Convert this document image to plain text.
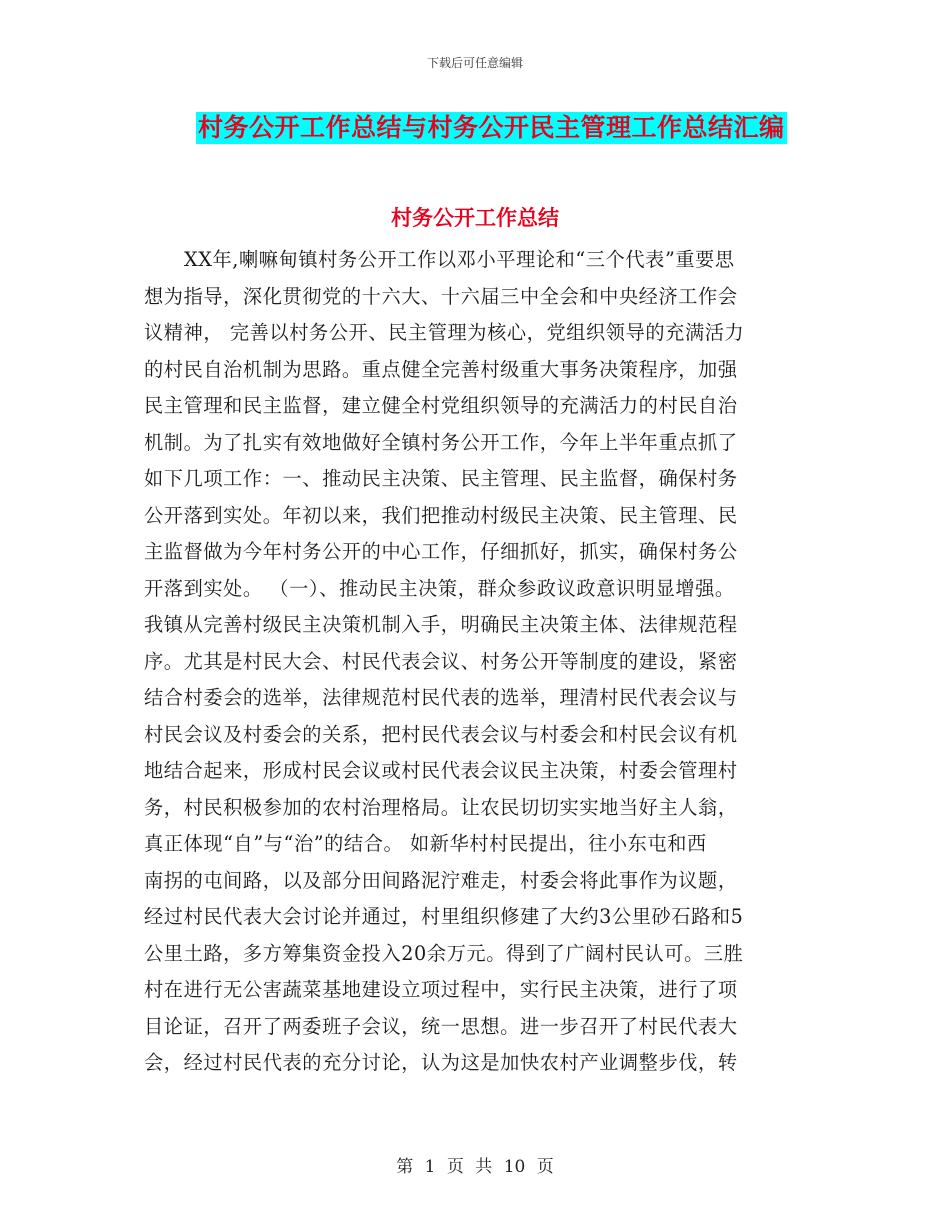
下载后可任意编辑
村务公开工作总结与村务公开民主管理工作总结汇编
村务公开工作总结
XX年,喇嘛甸镇村务公开工作以邓小平理论和“三个代表”重要思
想为指导，深化贯彻党的十六大、十六届三中全会和中央经济工作会
议精神， 完善以村务公开、民主管理为核心，党组织领导的充满活力
的村民自治机制为思路。重点健全完善村级重大事务决策程序，加强
民主管理和民主监督，建立健全村党组织领导的充满活力的村民自治
机制。为了扎实有效地做好全镇村务公开工作，今年上半年重点抓了
如下几项工作：一、推动民主决策、民主管理、民主监督，确保村务
公开落到实处。年初以来，我们把推动村级民主决策、民主管理、民
主监督做为今年村务公开的中心工作，仔细抓好，抓实，确保村务公
开落到实处。 （一）、推动民主决策，群众参政议政意识明显增强。
我镇从完善村级民主决策机制入手，明确民主决策主体、法律规范程
序。尤其是村民大会、村民代表会议、村务公开等制度的建设，紧密
结合村委会的选举，法律规范村民代表的选举，理清村民代表会议与
村民会议及村委会的关系，把村民代表会议与村委会和村民会议有机
地结合起来，形成村民会议或村民代表会议民主决策，村委会管理村
务，村民积极参加的农村治理格局。让农民切切实实地当好主人翁，
真正体现“自”与“治”的结合。 如新华村村民提出，往小东屯和西
南拐的屯间路，以及部分田间路泥泞难走，村委会将此事作为议题，
经过村民代表大会讨论并通过，村里组织修建了大约3公里砂石路和5
公里土路，多方筹集资金投入20余万元。得到了广阔村民认可。三胜
村在进行无公害蔬菜基地建设立项过程中，实行民主决策，进行了项
目论证，召开了两委班子会议，统一思想。进一步召开了村民代表大
会，经过村民代表的充分讨论，认为这是加快农村产业调整步伐，转
第 1 页 共 10 页
